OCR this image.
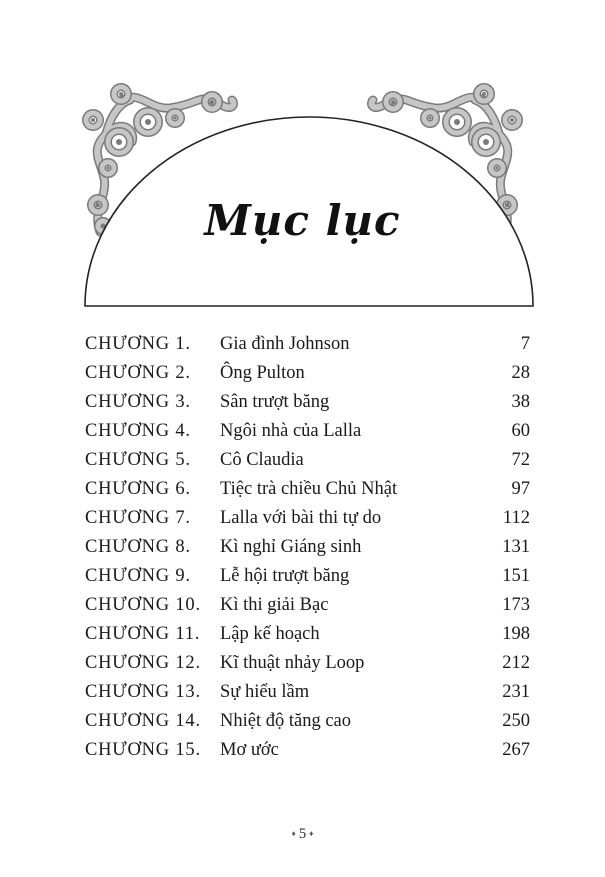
Mục lục
CHƯƠNG 1.	Gia đình Johnson	7
CHƯƠNG 2.	Ông Pulton	28
CHƯƠNG 3.	Sân trượt băng	38
CHƯƠNG 4.	Ngôi nhà của Lalla	60
CHƯƠNG 5.	Cô Claudia	72
CHƯƠNG 6.	Tiệc trà chiều Chủ Nhật	97
CHƯƠNG 7.	Lalla với bài thi tự do	112
CHƯƠNG 8.	Kì nghỉ Giáng sinh	131
CHƯƠNG 9.	Lễ hội trượt băng	151
CHƯƠNG 10.	Kì thi giải Bạc	173
CHƯƠNG 11.	Lập kế hoạch	198
CHƯƠNG 12.	Kĩ thuật nhảy Loop	212
CHƯƠNG 13.	Sự hiểu lầm	231
CHƯƠNG 14.	Nhiệt độ tăng cao	250
CHƯƠNG 15.	Mơ ước	267
♦ 5 ♦
